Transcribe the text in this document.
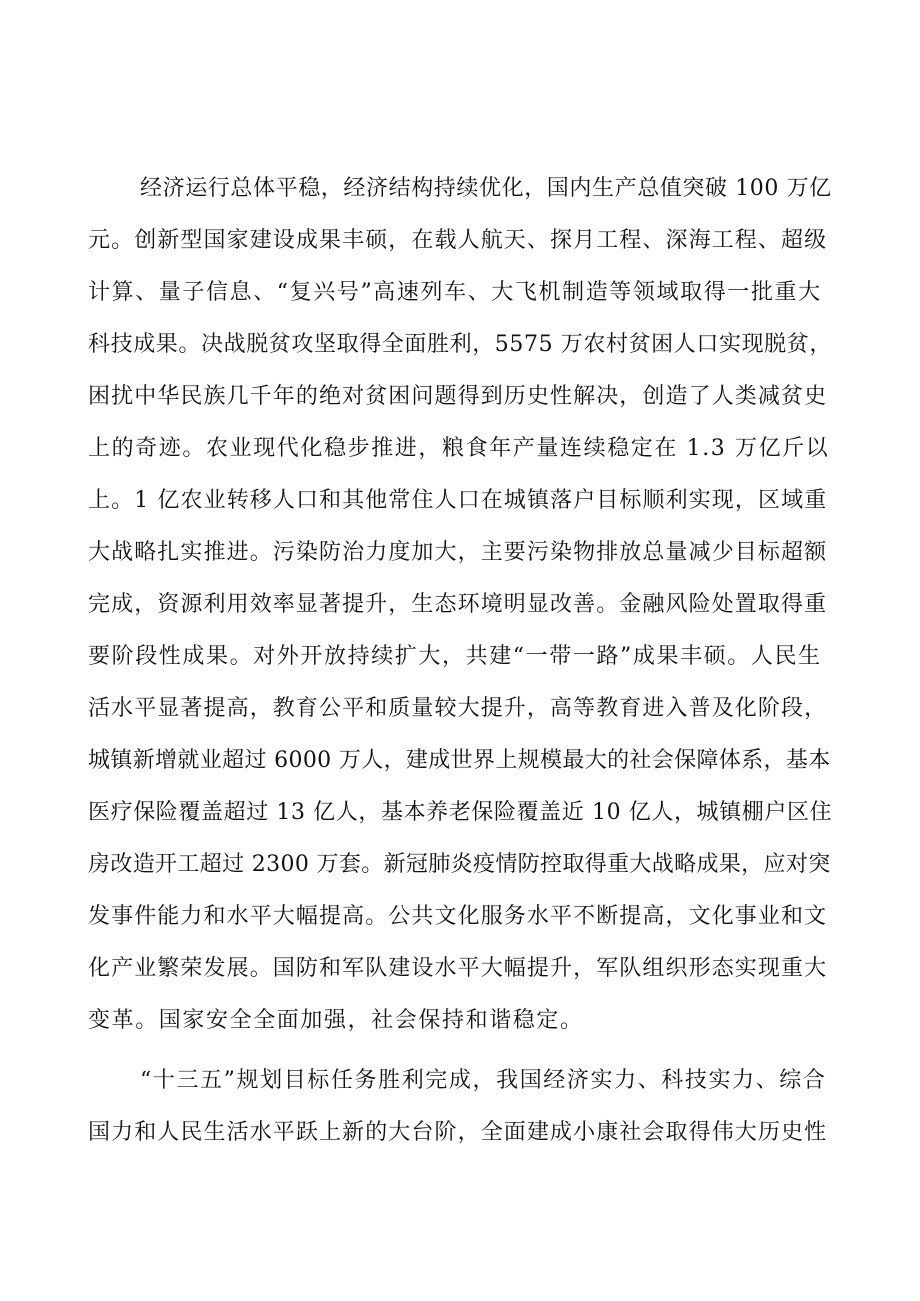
经济运行总体平稳，经济结构持续优化，国内生产总值突破 100 万亿
元。创新型国家建设成果丰硕，在载人航天、探月工程、深海工程、超级
计算、量子信息、“复兴号”高速列车、大飞机制造等领域取得一批重大
科技成果。决战脱贫攻坚取得全面胜利，5575 万农村贫困人口实现脱贫，
困扰中华民族几千年的绝对贫困问题得到历史性解决，创造了人类减贫史
上的奇迹。农业现代化稳步推进，粮食年产量连续稳定在 1.3 万亿斤以
上。1 亿农业转移人口和其他常住人口在城镇落户目标顺利实现，区域重
大战略扎实推进。污染防治力度加大，主要污染物排放总量减少目标超额
完成，资源利用效率显著提升，生态环境明显改善。金融风险处置取得重
要阶段性成果。对外开放持续扩大，共建“一带一路”成果丰硕。人民生
活水平显著提高，教育公平和质量较大提升，高等教育进入普及化阶段，
城镇新增就业超过 6000 万人，建成世界上规模最大的社会保障体系，基本
医疗保险覆盖超过 13 亿人，基本养老保险覆盖近 10 亿人，城镇棚户区住
房改造开工超过 2300 万套。新冠肺炎疫情防控取得重大战略成果，应对突
发事件能力和水平大幅提高。公共文化服务水平不断提高，文化事业和文
化产业繁荣发展。国防和军队建设水平大幅提升，军队组织形态实现重大
变革。国家安全全面加强，社会保持和谐稳定。
“十三五”规划目标任务胜利完成，我国经济实力、科技实力、综合
国力和人民生活水平跃上新的大台阶，全面建成小康社会取得伟大历史性
